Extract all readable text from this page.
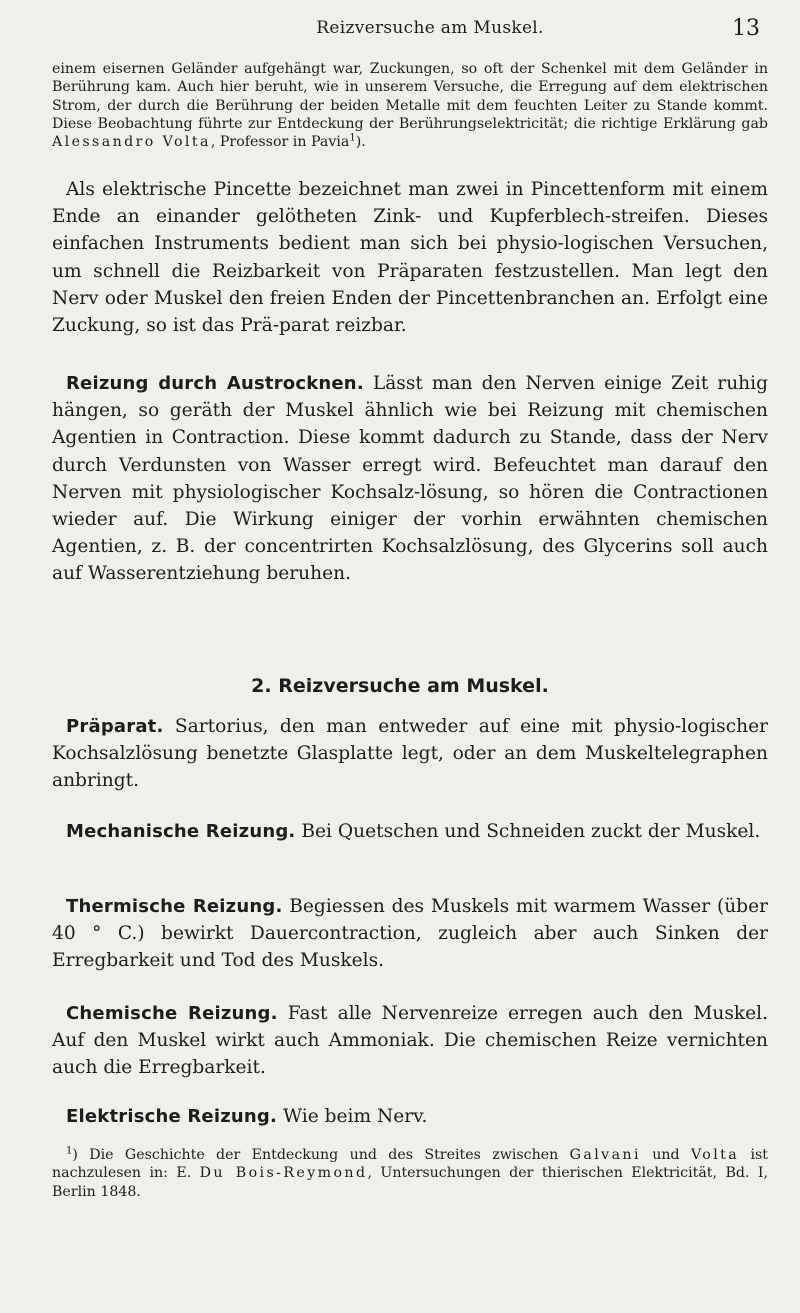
Reizversuche am Muskel.	13

einem eisernen Geländer aufgehängt war, Zuckungen, so oft der Schenkel mit dem Geländer in Berührung kam. Auch hier beruht, wie in unserem Versuche, die Erregung auf dem elektrischen Strom, der durch die Berührung der beiden Metalle mit dem feuchten Leiter zu Stande kommt. Diese Beobachtung führte zur Entdeckung der Berührungselektricität; die richtige Erklärung gab Alessandro Volta, Professor in Pavia$^1$).

Als elektrische Pincette bezeichnet man zwei in Pincettenform mit einem Ende an einander gelötheten Zink- und Kupferblech-streifen. Dieses einfachen Instruments bedient man sich bei physio-logischen Versuchen, um schnell die Reizbarkeit von Präparaten festzustellen. Man legt den Nerv oder Muskel den freien Enden der Pincettenbranchen an. Erfolgt eine Zuckung, so ist das Prä-parat reizbar.

Reizung durch Austrocknen. Lässt man den Nerven einige Zeit ruhig hängen, so geräth der Muskel ähnlich wie bei Reizung mit chemischen Agentien in Contraction. Diese kommt dadurch zu Stande, dass der Nerv durch Verdunsten von Wasser erregt wird. Befeuchtet man darauf den Nerven mit physiologischer Kochsalz-lösung, so hören die Contractionen wieder auf. Die Wirkung einiger der vorhin erwähnten chemischen Agentien, z. B. der concentrirten Kochsalzlösung, des Glycerins soll auch auf Wasserentziehung beruhen.

2. Reizversuche am Muskel.

Präparat. Sartorius, den man entweder auf eine mit physio-logischer Kochsalzlösung benetzte Glasplatte legt, oder an dem Muskeltelegraphen anbringt.

Mechanische Reizung. Bei Quetschen und Schneiden zuckt der Muskel.

Thermische Reizung. Begiessen des Muskels mit warmem Wasser (über 40 ° C.) bewirkt Dauercontraction, zugleich aber auch Sinken der Erregbarkeit und Tod des Muskels.

Chemische Reizung. Fast alle Nervenreize erregen auch den Muskel. Auf den Muskel wirkt auch Ammoniak. Die chemischen Reize vernichten auch die Erregbarkeit.

Elektrische Reizung. Wie beim Nerv.

$^1$) Die Geschichte der Entdeckung und des Streites zwischen Galvani und Volta ist nachzulesen in: E. Du Bois-Reymond, Untersuchungen der thierischen Elektricität, Bd. I, Berlin 1848.
